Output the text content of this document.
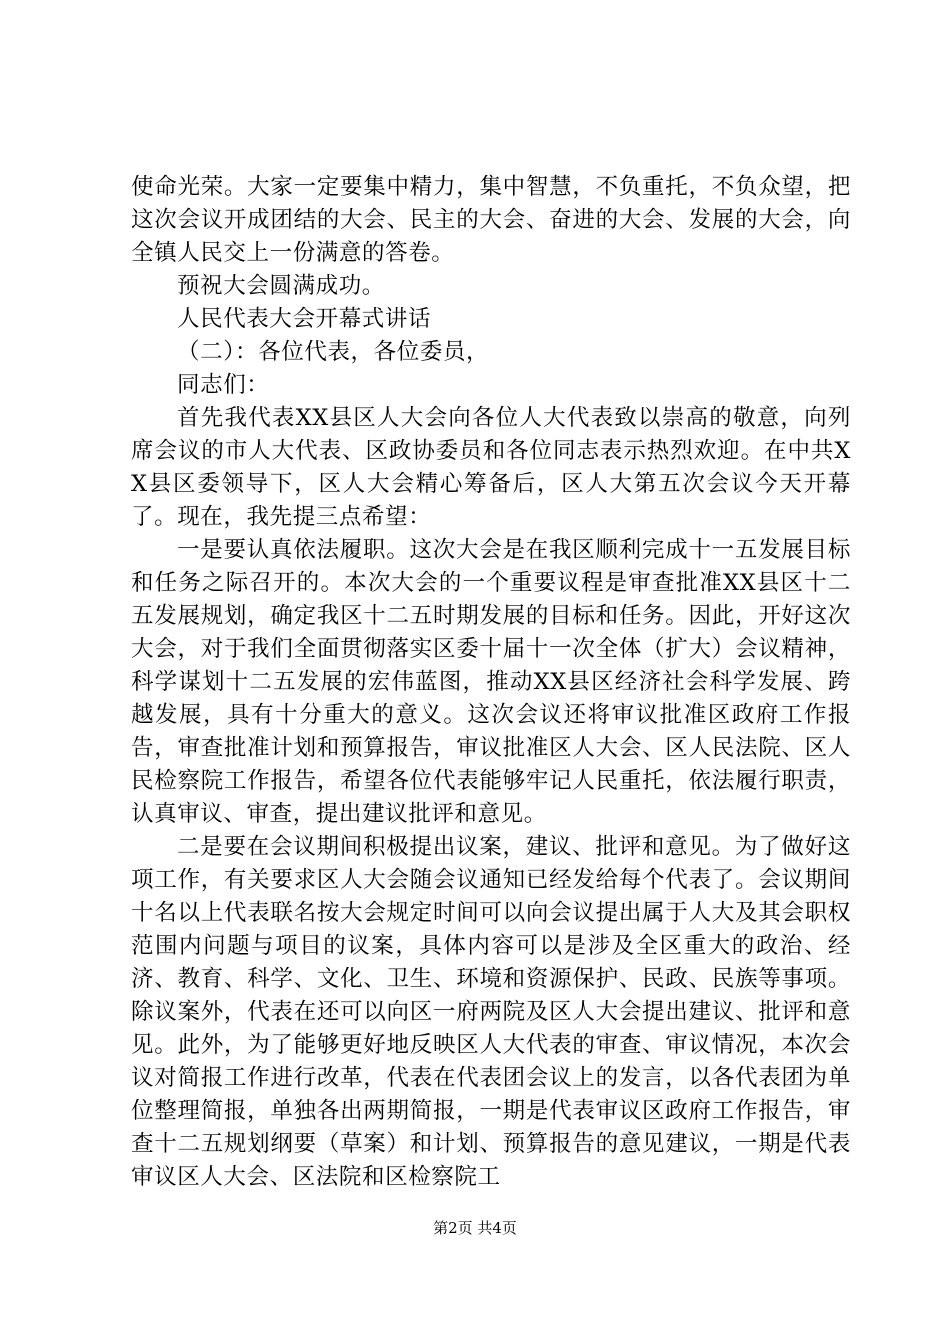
使命光荣。大家一定要集中精力，集中智慧，不负重托，不负众望，把这次会议开成团结的大会、民主的大会、奋进的大会、发展的大会，向全镇人民交上一份满意的答卷。

预祝大会圆满成功。

人民代表大会开幕式讲话

（二）：各位代表，各位委员，

同志们：

首先我代表XX县区人大会向各位人大代表致以崇高的敬意，向列席会议的市人大代表、区政协委员和各位同志表示热烈欢迎。在中共XX县区委领导下，区人大会精心筹备后，区人大第五次会议今天开幕了。现在，我先提三点希望：

一是要认真依法履职。这次大会是在我区顺利完成十一五发展目标和任务之际召开的。本次大会的一个重要议程是审查批准XX县区十二五发展规划，确定我区十二五时期发展的目标和任务。因此，开好这次大会，对于我们全面贯彻落实区委十届十一次全体（扩大）会议精神，科学谋划十二五发展的宏伟蓝图，推动XX县区经济社会科学发展、跨越发展，具有十分重大的意义。这次会议还将审议批准区政府工作报告，审查批准计划和预算报告，审议批准区人大会、区人民法院、区人民检察院工作报告，希望各位代表能够牢记人民重托，依法履行职责，认真审议、审查，提出建议批评和意见。

二是要在会议期间积极提出议案，建议、批评和意见。为了做好这项工作，有关要求区人大会随会议通知已经发给每个代表了。会议期间十名以上代表联名按大会规定时间可以向会议提出属于人大及其会职权范围内问题与项目的议案，具体内容可以是涉及全区重大的政治、经济、教育、科学、文化、卫生、环境和资源保护、民政、民族等事项。除议案外，代表在还可以向区一府两院及区人大会提出建议、批评和意见。此外，为了能够更好地反映区人大代表的审查、审议情况，本次会议对简报工作进行改革，代表在代表团会议上的发言，以各代表团为单位整理简报，单独各出两期简报，一期是代表审议区政府工作报告，审查十二五规划纲要（草案）和计划、预算报告的意见建议，一期是代表审议区人大会、区法院和区检察院工

第2页 共4页
